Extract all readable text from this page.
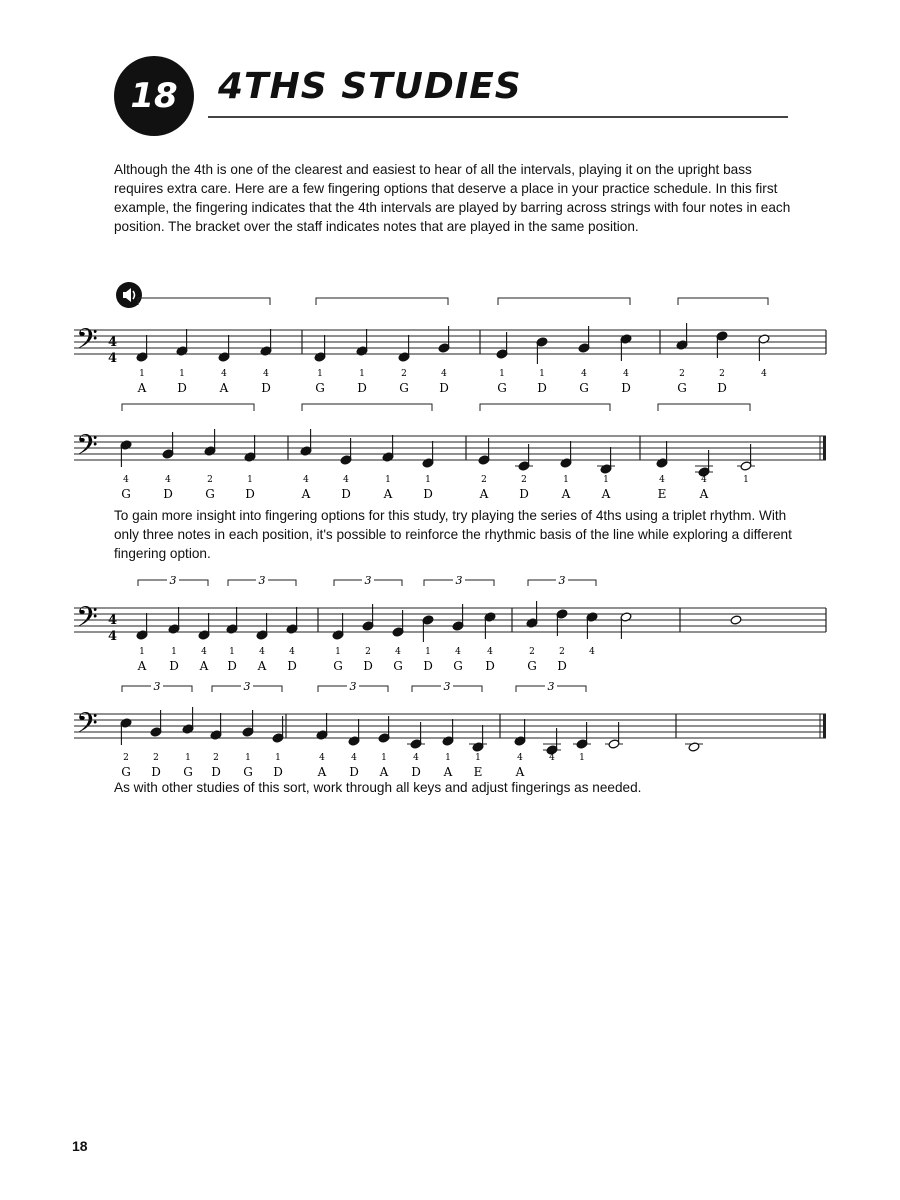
18 4THS STUDIES

Although the 4th is one of the clearest and easiest to hear of all the intervals, playing it on the upright bass requires extra care. Here are a few fingering options that deserve a place in your practice schedule. In this first example, the fingering indicates that the 4th intervals are played by barring across strings with four notes in each position. The bracket over the staff indicates notes that are played in the same position.

𝄢 4
4
1	1	4	4	1	1	2	4	1	1	4	4	2	2	4
A	D	A	D	G	D	G	D	G	D	G	D	G	D
𝄢
4	4	2	1	4	4	1	1	2	2	1	1	4	4	1
G	D	G	D	A	D	A	D	A	D	A	A	E	A

To gain more insight into fingering options for this study, try playing the series of 4ths using a triplet rhythm. With only three notes in each position, it's possible to reinforce the rhythmic basis of the line while exploring a different fingering option.

𝄢 4
4
3	3	3	3	3
1	1	4 1	4	4	1	2	4	1	4	4	2	2	4
A D A D A D	G D G D G D	G D
𝄢
3	3	3	3	3
2	2	1 2	1	1	4	4	1	4	1	1	4	4	1
G D G D G D	A D A D A E	A

As with other studies of this sort, work through all keys and adjust fingerings as needed.

18
